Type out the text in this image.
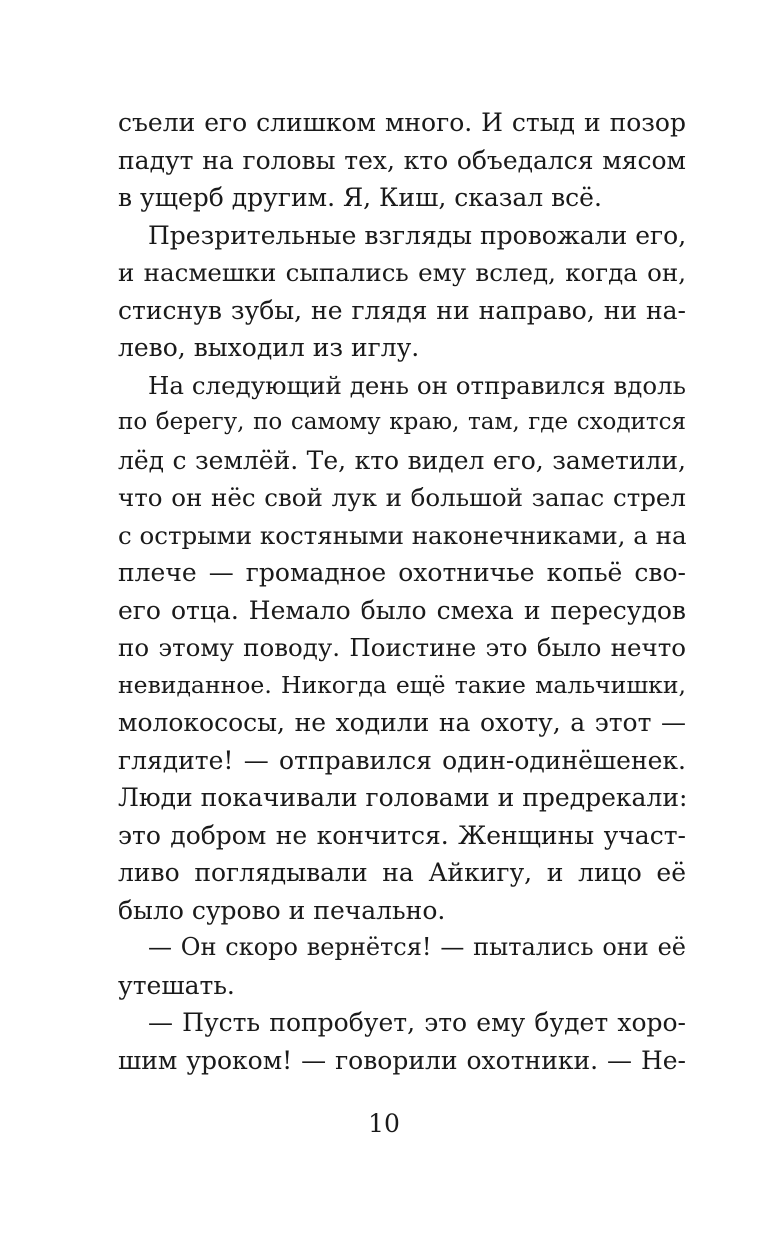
съели его слишком много. И стыд и позор
падут на головы тех, кто объедался мясом
в ущерб другим. Я, Киш, сказал всё.
Презрительные взгляды провожали его,
и насмешки сыпались ему вслед, когда он,
стиснув зубы, не глядя ни направо, ни на-
лево, выходил из иглу.
На следующий день он отправился вдоль
по берегу, по самому краю, там, где сходится
лёд с землёй. Те, кто видел его, заметили,
что он нёс свой лук и большой запас стрел
с острыми костяными наконечниками, а на
плече — громадное охотничье копьё сво-
его отца. Немало было смеха и пересудов
по этому поводу. Поистине это было нечто
невиданное. Никогда ещё такие мальчишки,
молокососы, не ходили на охоту, а этот —
глядите! — отправился один-одинёшенек.
Люди покачивали головами и предрекали:
это добром не кончится. Женщины участ-
ливо поглядывали на Айкигу, и лицо её
было сурово и печально.
— Он скоро вернётся! — пытались они её
утешать.
— Пусть попробует, это ему будет хоро-
шим уроком! — говорили охотники. — Не-
10
